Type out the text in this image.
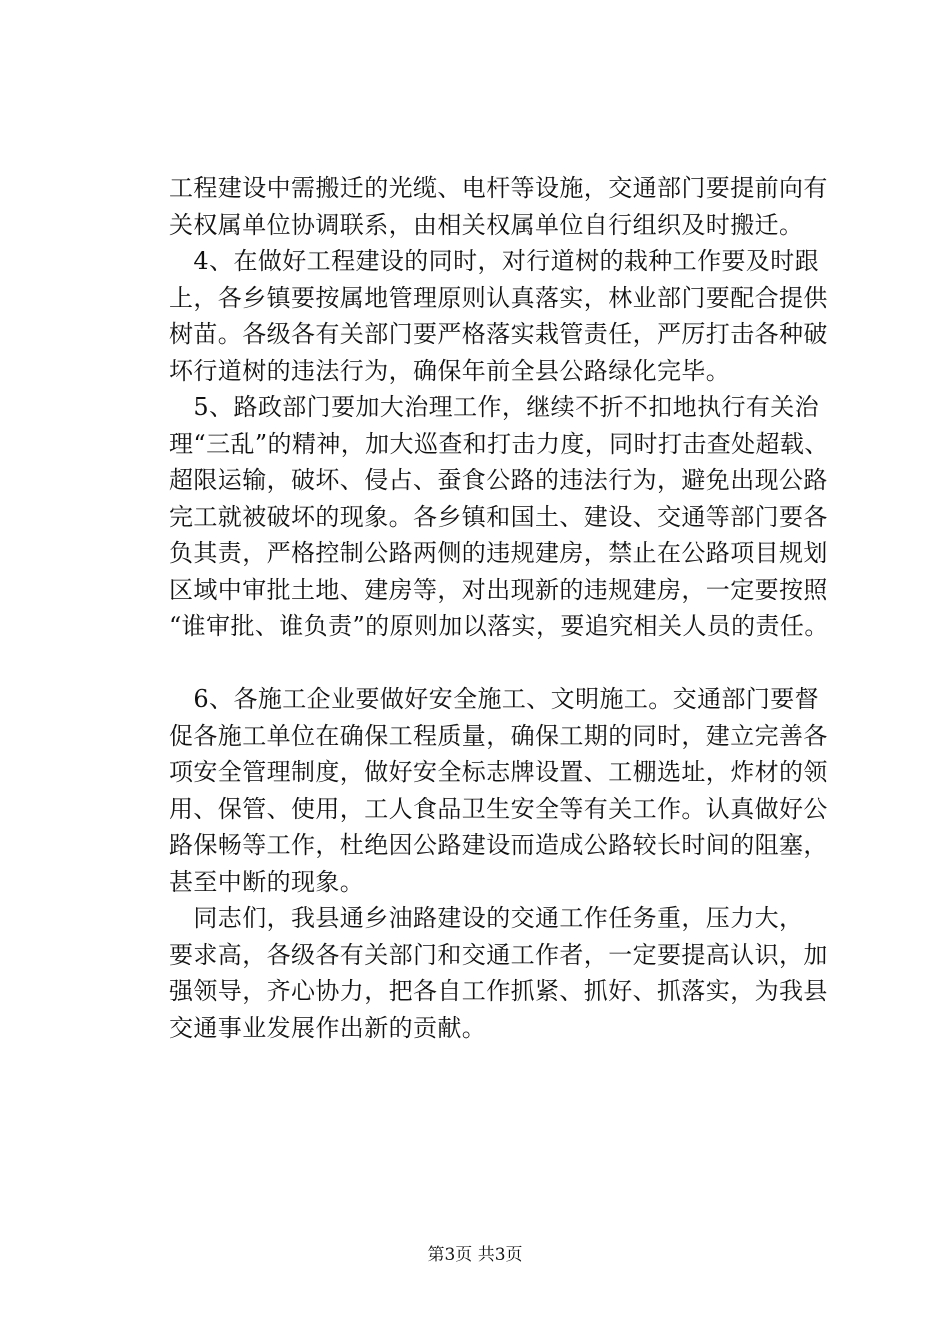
工程建设中需搬迁的光缆、电杆等设施，交通部门要提前向有
关权属单位协调联系，由相关权属单位自行组织及时搬迁。
　4、在做好工程建设的同时，对行道树的栽种工作要及时跟
上，各乡镇要按属地管理原则认真落实，林业部门要配合提供
树苗。各级各有关部门要严格落实栽管责任，严厉打击各种破
坏行道树的违法行为，确保年前全县公路绿化完毕。
　5、路政部门要加大治理工作，继续不折不扣地执行有关治
理“三乱”的精神，加大巡查和打击力度，同时打击查处超载、
超限运输，破坏、侵占、蚕食公路的违法行为，避免出现公路
完工就被破坏的现象。各乡镇和国土、建设、交通等部门要各
负其责，严格控制公路两侧的违规建房，禁止在公路项目规划
区域中审批土地、建房等，对出现新的违规建房，一定要按照
“谁审批、谁负责”的原则加以落实，要追究相关人员的责任。
　6、各施工企业要做好安全施工、文明施工。交通部门要督
促各施工单位在确保工程质量，确保工期的同时，建立完善各
项安全管理制度，做好安全标志牌设置、工棚选址，炸材的领
用、保管、使用，工人食品卫生安全等有关工作。认真做好公
路保畅等工作，杜绝因公路建设而造成公路较长时间的阻塞，
甚至中断的现象。
　同志们，我县通乡油路建设的交通工作任务重，压力大，
要求高，各级各有关部门和交通工作者，一定要提高认识，加
强领导，齐心协力，把各自工作抓紧、抓好、抓落实，为我县
交通事业发展作出新的贡献。
第3页 共3页
